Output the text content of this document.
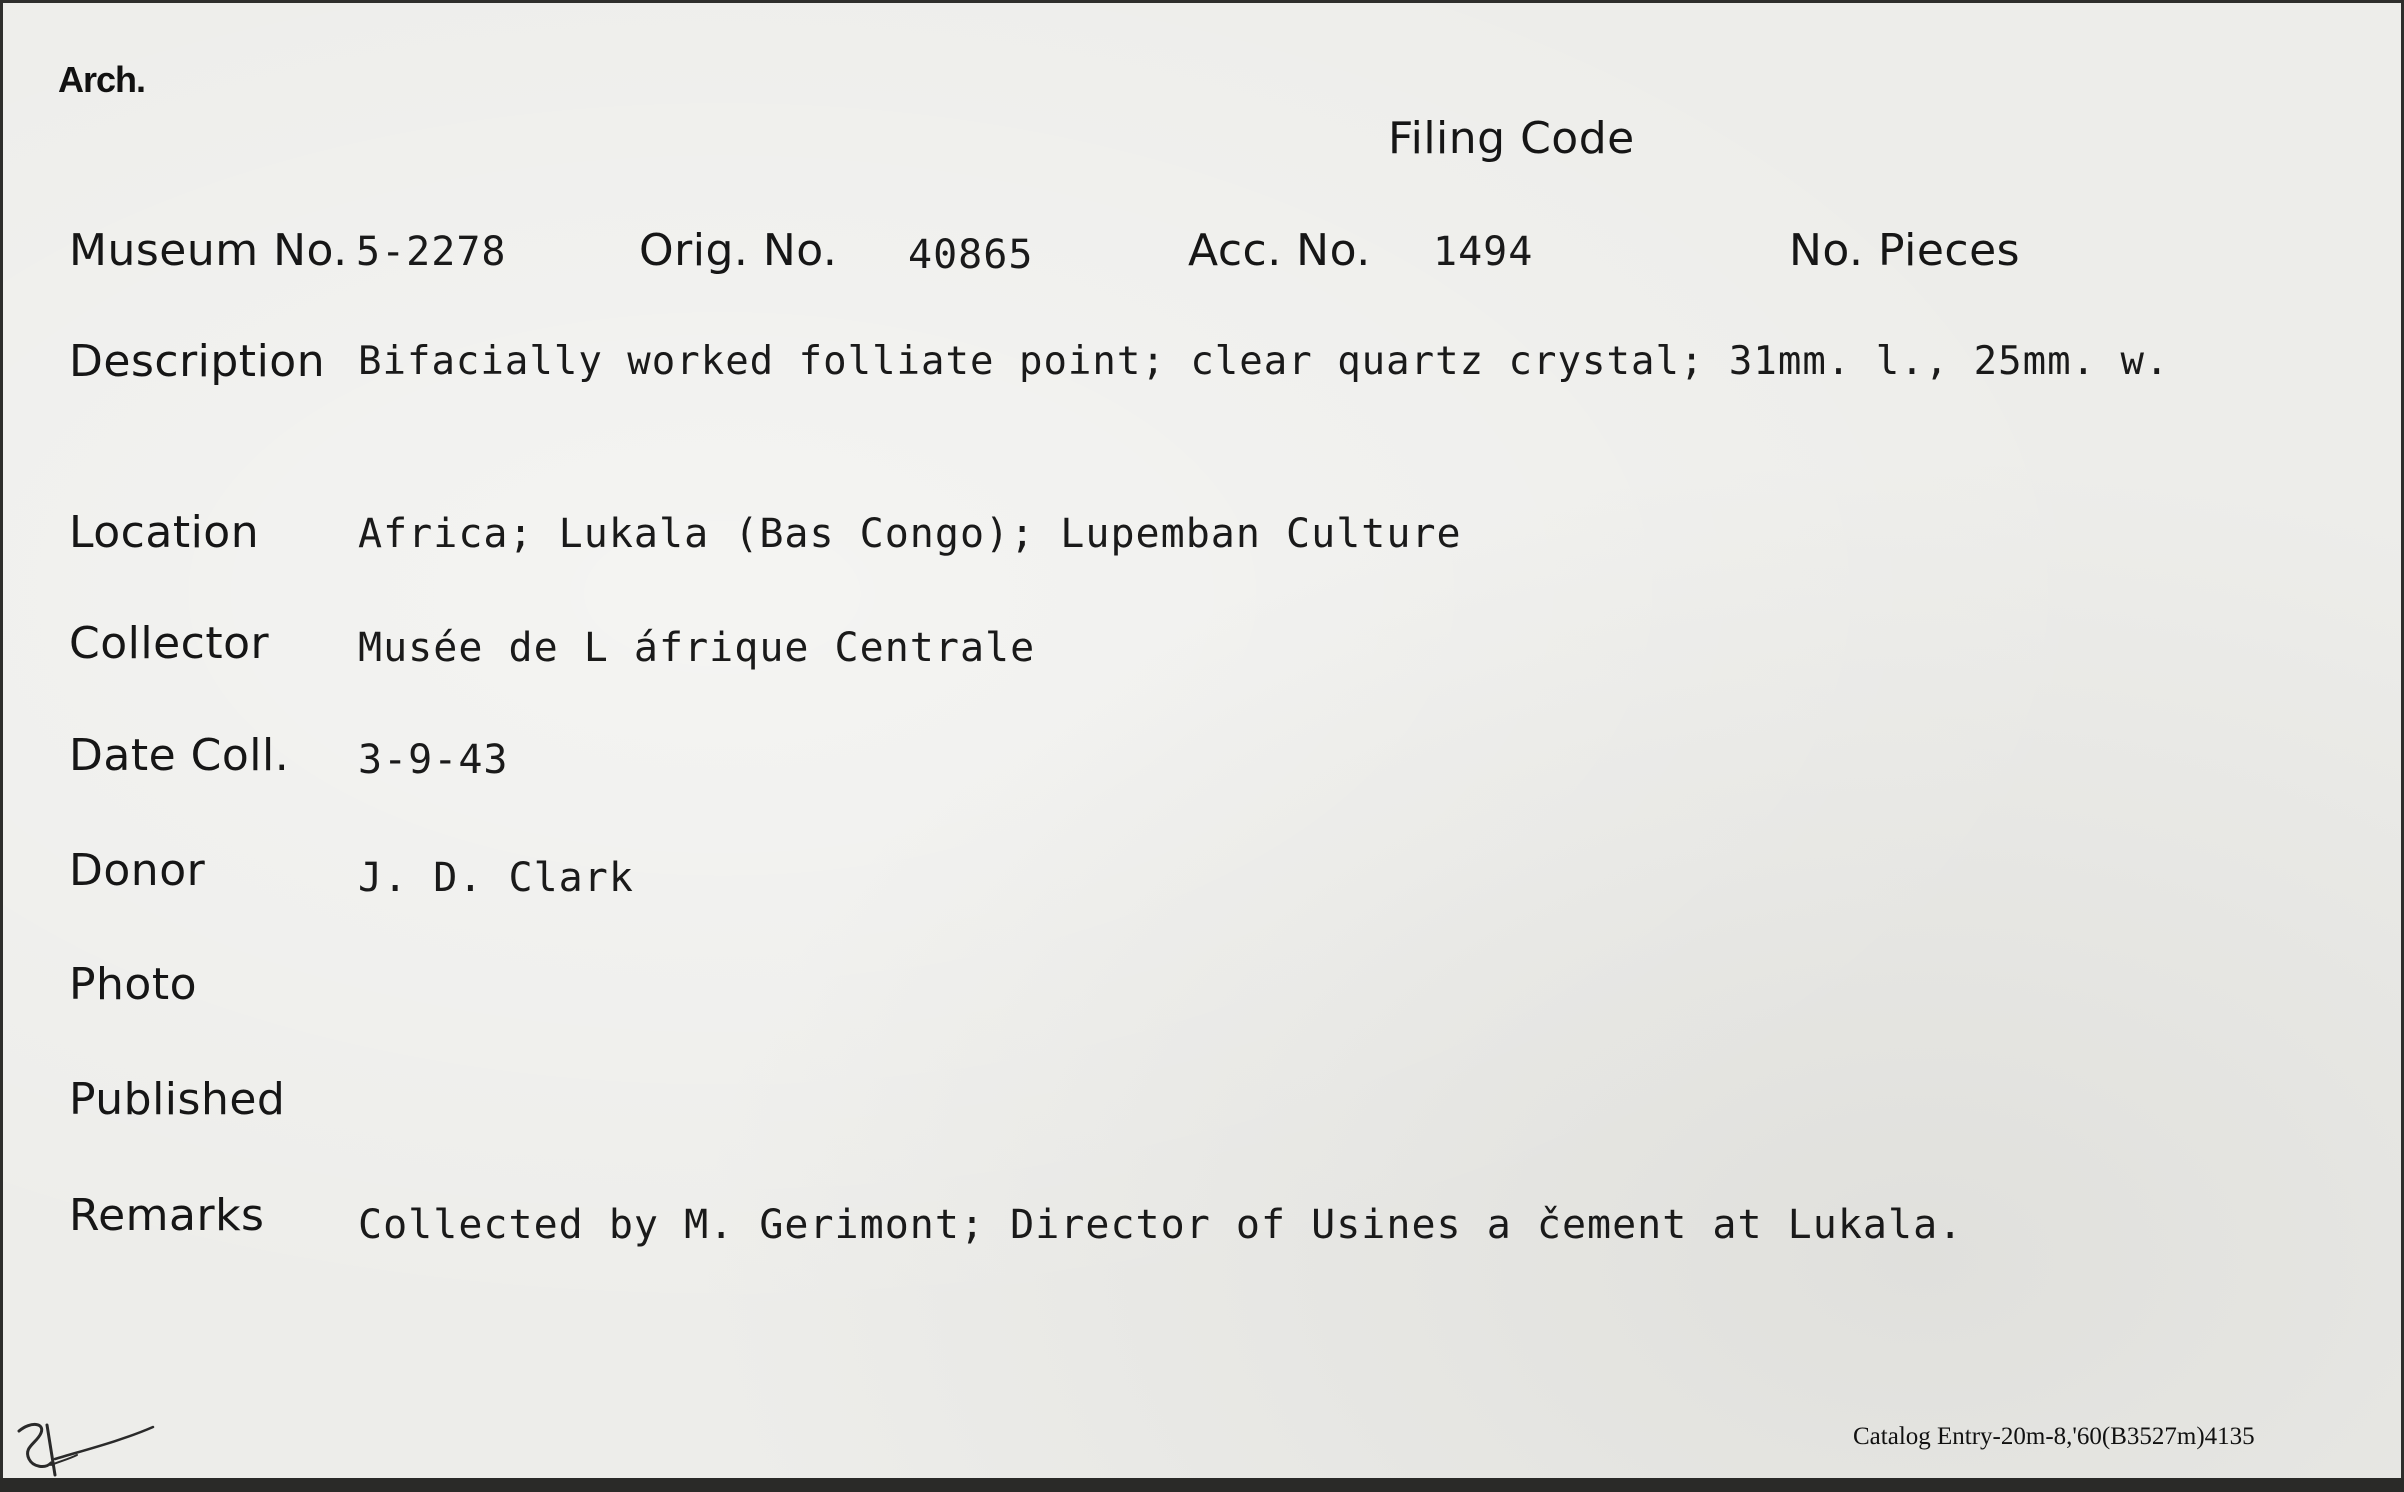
Arch.
Filing Code
Museum No. 5-2278	Orig. No. 40865	Acc. No. 1494	No. Pieces
Description Bifacially worked folliate point; clear quartz crystal; 31mm. l., 25mm. w.
Location Africa; Lukala (Bas Congo); Lupemban Culture
Collector Musée de L áfrique Centrale
Date Coll. 3-9-43
Donor	J. D. Clark
Photo
Published
Remarks Collected by M. Gerimont; Director of Usines a čement at Lukala.
Catalog Entry-20m-8,'60(B3527m)4135
